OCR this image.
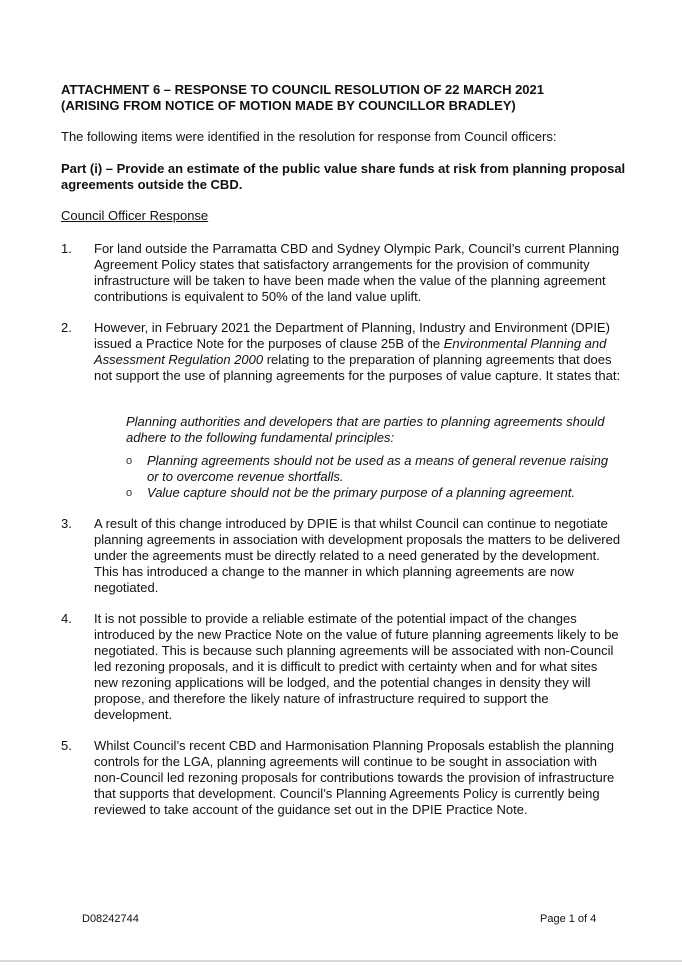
ATTACHMENT 6 – RESPONSE TO COUNCIL RESOLUTION OF 22 MARCH 2021
(ARISING FROM NOTICE OF MOTION MADE BY COUNCILLOR BRADLEY)

The following items were identified in the resolution for response from Council officers:

Part (i) – Provide an estimate of the public value share funds at risk from planning proposal agreements outside the CBD.

Council Officer Response

1. For land outside the Parramatta CBD and Sydney Olympic Park, Council’s current Planning Agreement Policy states that satisfactory arrangements for the provision of community infrastructure will be taken to have been made when the value of the planning agreement contributions is equivalent to 50% of the land value uplift.

2. However, in February 2021 the Department of Planning, Industry and Environment (DPIE) issued a Practice Note for the purposes of clause 25B of the Environmental Planning and Assessment Regulation 2000 relating to the preparation of planning agreements that does not support the use of planning agreements for the purposes of value capture. It states that:

Planning authorities and developers that are parties to planning agreements should adhere to the following fundamental principles:

o Planning agreements should not be used as a means of general revenue raising or to overcome revenue shortfalls.

o Value capture should not be the primary purpose of a planning agreement.

3. A result of this change introduced by DPIE is that whilst Council can continue to negotiate planning agreements in association with development proposals the matters to be delivered under the agreements must be directly related to a need generated by the development. This has introduced a change to the manner in which planning agreements are now negotiated.

4. It is not possible to provide a reliable estimate of the potential impact of the changes introduced by the new Practice Note on the value of future planning agreements likely to be negotiated. This is because such planning agreements will be associated with non-Council led rezoning proposals, and it is difficult to predict with certainty when and for what sites new rezoning applications will be lodged, and the potential changes in density they will propose, and therefore the likely nature of infrastructure required to support the development.

5. Whilst Council’s recent CBD and Harmonisation Planning Proposals establish the planning controls for the LGA, planning agreements will continue to be sought in association with non-Council led rezoning proposals for contributions towards the provision of infrastructure that supports that development. Council’s Planning Agreements Policy is currently being reviewed to take account of the guidance set out in the DPIE Practice Note.

D08242744	Page 1 of 4
